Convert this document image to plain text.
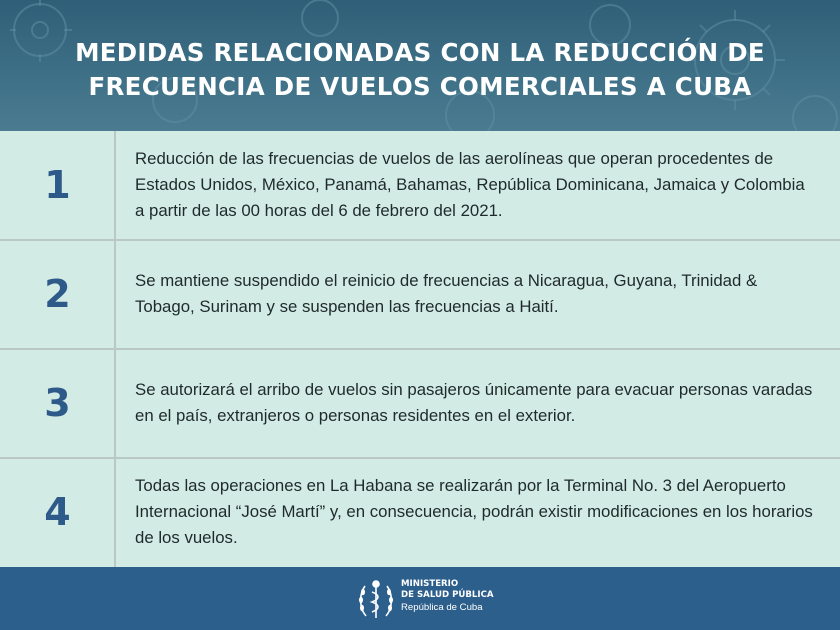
MEDIDAS RELACIONADAS CON LA REDUCCIÓN DE
FRECUENCIA DE VUELOS COMERCIALES A CUBA
1
Reducción de las frecuencias de vuelos de las aerolíneas que operan procedentes de Estados Unidos, México, Panamá, Bahamas, República Dominicana, Jamaica y Colombia a partir de las 00 horas del 6 de febrero del 2021.
2	Se mantiene suspendido el reinicio de frecuencias a Nicaragua, Guyana, Trinidad & Tobago, Surinam y se suspenden las frecuencias a Haití.
3	Se autorizará el arribo de vuelos sin pasajeros únicamente para evacuar personas varadas en el país, extranjeros o personas residentes en el exterior.
4
Todas las operaciones en La Habana se realizarán por la Terminal No. 3 del Aeropuerto Internacional “José Martí” y, en consecuencia, podrán existir modificaciones en los horarios de los vuelos.
MINISTERIO
DE SALUD PÚBLICA
República de Cuba
